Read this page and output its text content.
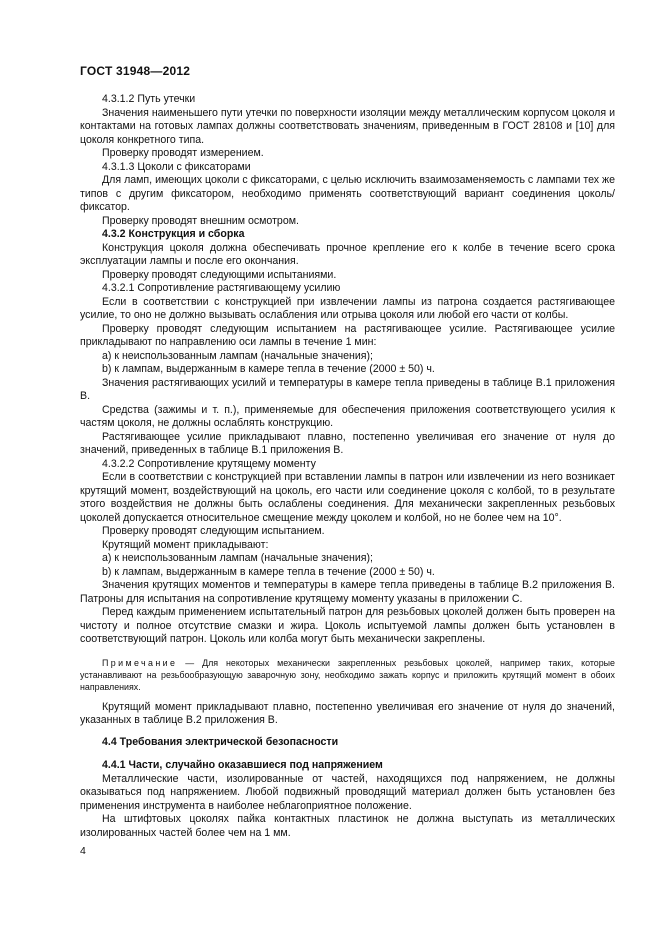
ГОСТ 31948—2012

4.3.1.2 Путь утечки

Значения наименьшего пути утечки по поверхности изоляции между металлическим корпусом цоколя и контактами на готовых лампах должны соответствовать значениям, приведенным в ГОСТ 28108 и [10] для цоколя конкретного типа.

Проверку проводят измерением.

4.3.1.3 Цоколи с фиксаторами

Для ламп, имеющих цоколи с фиксаторами, с целью исключить взаимозаменяемость с лампами тех же типов с другим фиксатором, необходимо применять соответствующий вариант соединения цоколь/фиксатор.

Проверку проводят внешним осмотром.

4.3.2 Конструкция и сборка

Конструкция цоколя должна обеспечивать прочное крепление его к колбе в течение всего срока эксплуатации лампы и после его окончания.

Проверку проводят следующими испытаниями.

4.3.2.1 Сопротивление растягивающему усилию

Если в соответствии с конструкцией при извлечении лампы из патрона создается растягивающее усилие, то оно не должно вызывать ослабления или отрыва цоколя или любой его части от колбы.

Проверку проводят следующим испытанием на растягивающее усилие. Растягивающее усилие прикладывают по направлению оси лампы в течение 1 мин:

a) к неиспользованным лампам (начальные значения);

b) к лампам, выдержанным в камере тепла в течение (2000 ± 50) ч.

Значения растягивающих усилий и температуры в камере тепла приведены в таблице В.1 приложения В.

Средства (зажимы и т. п.), применяемые для обеспечения приложения соответствующего усилия к частям цоколя, не должны ослаблять конструкцию.

Растягивающее усилие прикладывают плавно, постепенно увеличивая его значение от нуля до значений, приведенных в таблице В.1 приложения В.

4.3.2.2 Сопротивление крутящему моменту

Если в соответствии с конструкцией при вставлении лампы в патрон или извлечении из него возникает крутящий момент, воздействующий на цоколь, его части или соединение цоколя с колбой, то в результате этого воздействия не должны быть ослаблены соединения. Для механически закрепленных резьбовых цоколей допускается относительное смещение между цоколем и колбой, но не более чем на 10°.

Проверку проводят следующим испытанием.

Крутящий момент прикладывают:

a) к неиспользованным лампам (начальные значения);

b) к лампам, выдержанным в камере тепла в течение (2000 ± 50) ч.

Значения крутящих моментов и температуры в камере тепла приведены в таблице В.2 приложения В. Патроны для испытания на сопротивление крутящему моменту указаны в приложении С.

Перед каждым применением испытательный патрон для резьбовых цоколей должен быть проверен на чистоту и полное отсутствие смазки и жира. Цоколь испытуемой лампы должен быть установлен в соответствующий патрон. Цоколь или колба могут быть механически закреплены.

Примечание — Для некоторых механически закрепленных резьбовых цоколей, например таких, которые устанавливают на резьбообразующую заварочную зону, необходимо зажать корпус и приложить крутящий момент в обоих направлениях.

Крутящий момент прикладывают плавно, постепенно увеличивая его значение от нуля до значений, указанных в таблице В.2 приложения В.

4.4 Требования электрической безопасности

4.4.1 Части, случайно оказавшиеся под напряжением

Металлические части, изолированные от частей, находящихся под напряжением, не должны оказываться под напряжением. Любой подвижный проводящий материал должен быть установлен без применения инструмента в наиболее неблагоприятное положение.

На штифтовых цоколях пайка контактных пластинок не должна выступать из металлических изолированных частей более чем на 1 мм.

4
